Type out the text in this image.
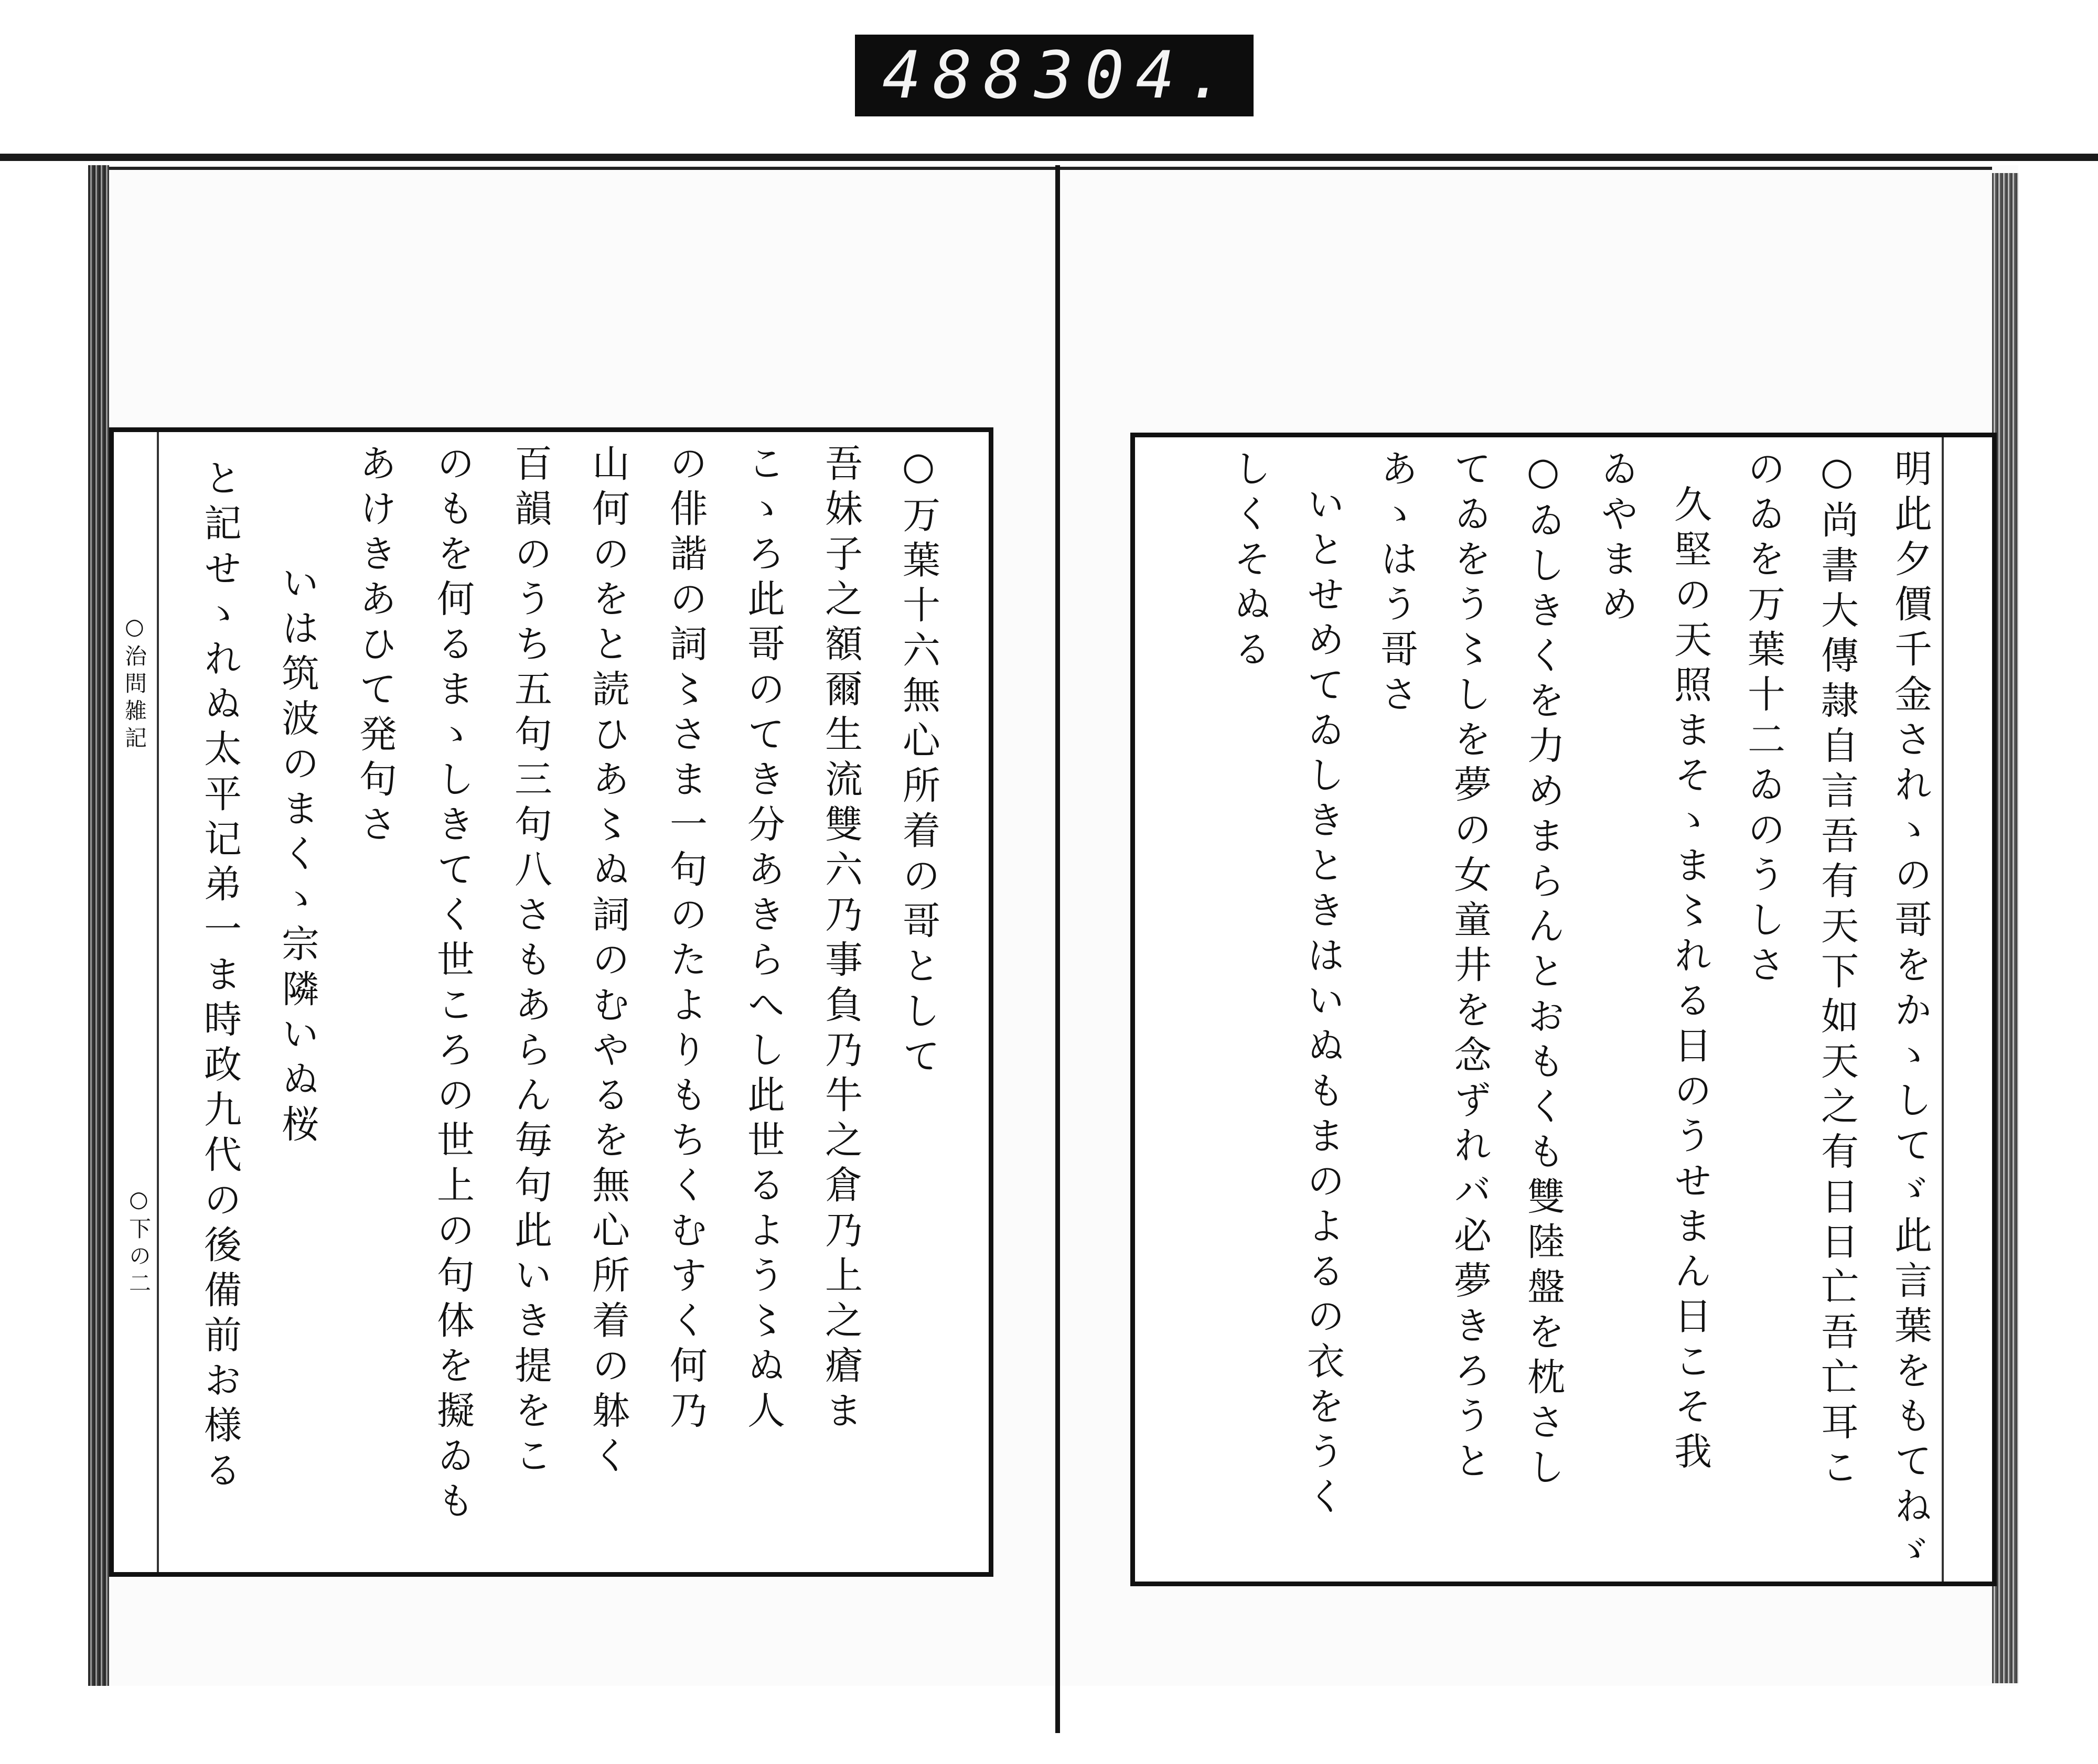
488 304.
○万葉十六無心所着の哥として
吾妹子之額爾生流雙六乃事負乃牛之倉乃上之瘡ま
こゝろ此哥のてき分あきらへし此世るよう〻ぬ人
の俳諧の詞〻さま一句のたよりもちくむすく何乃
山何のをと読ひあ〻ぬ詞のむやるを無心所着の躰く
百韻のうち五句三句八さもあらん毎句此いき提をこ
のもを何るまゝしきてく世ころの世上の句体を擬ゐも
あけきあひて発句さ
いは筑波のまくゝ宗隣いぬ桜
と記せゝれぬ太平记弟一ま時政九代の後備前お様る
○治問雑記
○下の二	明此夕價千金されゝの哥をかゝしてゞ此言葉をもてねゞ
○尚書大傳隷自言吾有天下如天之有日日亡吾亡耳こ
のゐを万葉十二ゐのうしさ
久堅の天照まそゝま〻れる日のうせまん日こそ我
ゐやまめ
○ゐしきくを力めまらんとおもくも雙陸盤を枕さし
てゐをう〻しを夢の女童井を念ずれバ必夢きろうと
あゝはう哥さ
いとせめてゐしきときはいぬもまのよるの衣をうく
しくそぬる
